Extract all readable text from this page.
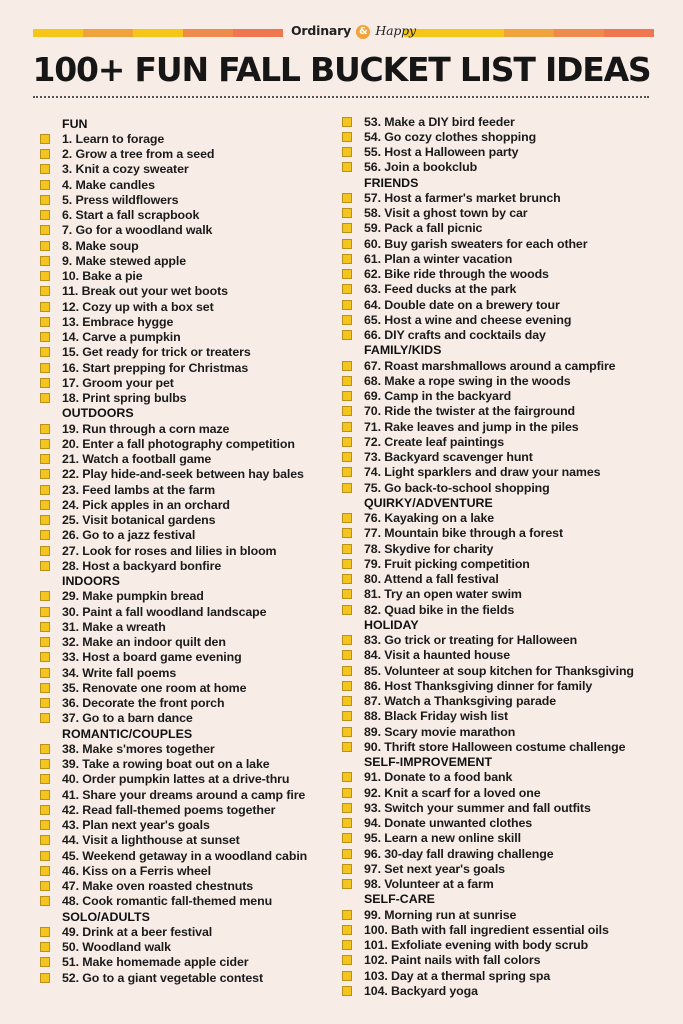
Ordinary & Happy
100+ FUN FALL BUCKET LIST IDEAS
FUN
1. Learn to forage
2. Grow a tree from a seed
3. Knit a cozy sweater
4. Make candles
5. Press wildflowers
6. Start a fall scrapbook
7. Go for a woodland walk
8. Make soup
9. Make stewed apple
10. Bake a pie
11. Break out your wet boots
12. Cozy up with a box set
13. Embrace hygge
14. Carve a pumpkin
15. Get ready for trick or treaters
16. Start prepping for Christmas
17. Groom your pet
18. Print spring bulbs
OUTDOORS
19. Run through a corn maze
20. Enter a fall photography competition
21. Watch a football game
22. Play hide-and-seek between hay bales
23. Feed lambs at the farm
24. Pick apples in an orchard
25. Visit botanical gardens
26. Go to a jazz festival
27. Look for roses and lilies in bloom
28. Host a backyard bonfire
INDOORS
29. Make pumpkin bread
30. Paint a fall woodland landscape
31. Make a wreath
32. Make an indoor quilt den
33. Host a board game evening
34. Write fall poems
35. Renovate one room at home
36. Decorate the front porch
37. Go to a barn dance
ROMANTIC/COUPLES
38. Make s'mores together
39. Take a rowing boat out on a lake
40. Order pumpkin lattes at a drive-thru
41. Share your dreams around a camp fire
42. Read fall-themed poems together
43. Plan next year's goals
44. Visit a lighthouse at sunset
45. Weekend getaway in a woodland cabin
46. Kiss on a Ferris wheel
47. Make oven roasted chestnuts
48. Cook romantic fall-themed menu
SOLO/ADULTS
49. Drink at a beer festival
50. Woodland walk
51. Make homemade apple cider
52. Go to a giant vegetable contest
53. Make a DIY bird feeder
54. Go cozy clothes shopping
55. Host a Halloween party
56. Join a bookclub
FRIENDS
57. Host a farmer's market brunch
58. Visit a ghost town by car
59. Pack a fall picnic
60. Buy garish sweaters for each other
61. Plan a winter vacation
62. Bike ride through the woods
63. Feed ducks at the park
64. Double date on a brewery tour
65. Host a wine and cheese evening
66. DIY crafts and cocktails day
FAMILY/KIDS
67. Roast marshmallows around a campfire
68. Make a rope swing in the woods
69. Camp in the backyard
70. Ride the twister at the fairground
71. Rake leaves and jump in the piles
72. Create leaf paintings
73. Backyard scavenger hunt
74. Light sparklers and draw your names
75. Go back-to-school shopping
QUIRKY/ADVENTURE
76. Kayaking on a lake
77. Mountain bike through a forest
78. Skydive for charity
79. Fruit picking competition
80. Attend a fall festival
81. Try an open water swim
82. Quad bike in the fields
HOLIDAY
83. Go trick or treating for Halloween
84. Visit a haunted house
85. Volunteer at soup kitchen for Thanksgiving
86. Host Thanksgiving dinner for family
87. Watch a Thanksgiving parade
88. Black Friday wish list
89. Scary movie marathon
90. Thrift store Halloween costume challenge
SELF-IMPROVEMENT
91. Donate to a food bank
92. Knit a scarf for a loved one
93. Switch your summer and fall outfits
94. Donate unwanted clothes
95. Learn a new online skill
96. 30-day fall drawing challenge
97. Set next year's goals
98. Volunteer at a farm
SELF-CARE
99. Morning run at sunrise
100. Bath with fall ingredient essential oils
101. Exfoliate evening with body scrub
102. Paint nails with fall colors
103. Day at a thermal spring spa
104. Backyard yoga
